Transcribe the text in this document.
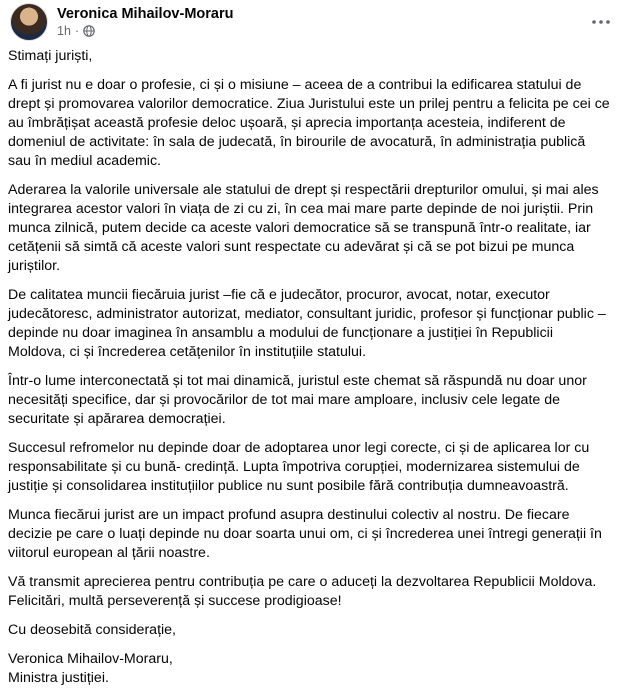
Veronica Mihailov-Moraru
1h ·

Stimați juriști,

A fi jurist nu e doar o profesie, ci și o misiune – aceea de a contribui la edificarea statului de drept și promovarea valorilor democratice. Ziua Juristului este un prilej pentru a felicita pe cei ce au îmbrățișat această profesie deloc ușoară, și aprecia importanța acesteia, indiferent de domeniul de activitate: în sala de judecată, în birourile de avocatură, în administrația publică sau în mediul academic.

Aderarea la valorile universale ale statului de drept și respectării drepturilor omului, și mai ales integrarea acestor valori în viața de zi cu zi, în cea mai mare parte depinde de noi juriștii. Prin munca zilnică, putem decide ca aceste valori democratice să se transpună într-o realitate, iar cetățenii să simtă că aceste valori sunt respectate cu adevărat și că se pot bizui pe munca juriștilor.

De calitatea muncii fiecăruia jurist –fie că e judecător, procuror, avocat, notar, executor judecătoresc, administrator autorizat, mediator, consultant juridic, profesor și funcționar public – depinde nu doar imaginea în ansamblu a modului de funcționare a justiției în Republicii Moldova, ci și încrederea cetățenilor în instituțiile statului.

Într-o lume interconectată și tot mai dinamică, juristul este chemat să răspundă nu doar unor necesități specifice, dar și provocărilor de tot mai mare amploare, inclusiv cele legate de securitate și apărarea democrației.

Succesul refromelor nu depinde doar de adoptarea unor legi corecte, ci și de aplicarea lor cu responsabilitate și cu bună- credință. Lupta împotriva corupției, modernizarea sistemului de justiție și consolidarea instituțiilor publice nu sunt posibile fără contribuția dumneavoastră.

Munca fiecărui jurist are un impact profund asupra destinului colectiv al nostru. De fiecare decizie pe care o luați depinde nu doar soarta unui om, ci și încrederea unei întregi generații în viitorul european al țării noastre.

Vă transmit aprecierea pentru contribuția pe care o aduceți la dezvoltarea Republicii Moldova. Felicitări, multă perseverență și succese prodigioase!

Cu deosebită considerație,

Veronica Mihailov-Moraru,

Ministra justiției.
